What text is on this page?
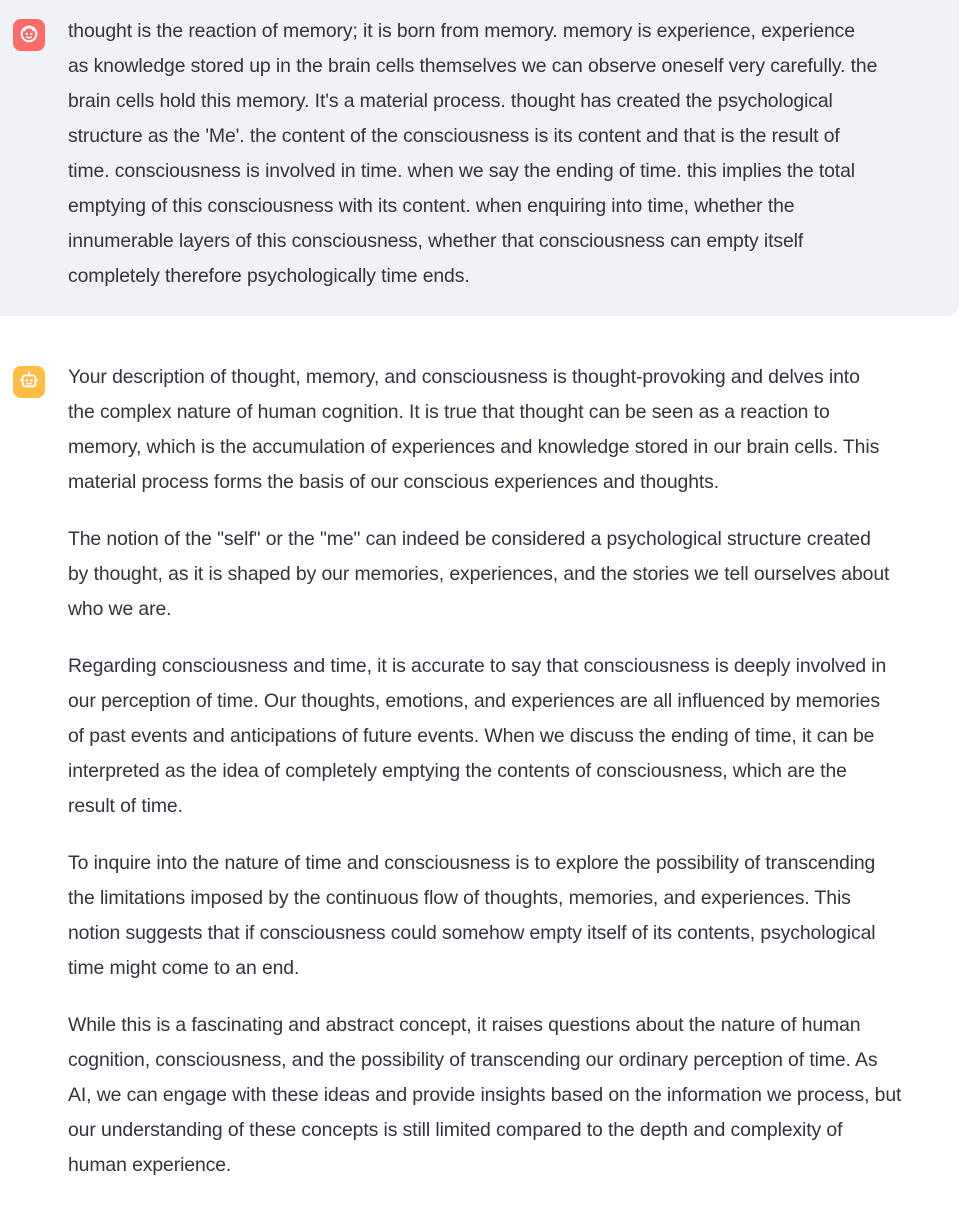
thought is the reaction of memory; it is born from memory. memory is experience, experience
as knowledge stored up in the brain cells themselves we can observe oneself very carefully. the
brain cells hold this memory. It's a material process. thought has created the psychological
structure as the 'Me'. the content of the consciousness is its content and that is the result of
time. consciousness is involved in time. when we say the ending of time. this implies the total
emptying of this consciousness with its content. when enquiring into time, whether the
innumerable layers of this consciousness, whether that consciousness can empty itself
completely therefore psychologically time ends.

Your description of thought, memory, and consciousness is thought-provoking and delves into
the complex nature of human cognition. It is true that thought can be seen as a reaction to
memory, which is the accumulation of experiences and knowledge stored in our brain cells. This
material process forms the basis of our conscious experiences and thoughts.

The notion of the "self" or the "me" can indeed be considered a psychological structure created
by thought, as it is shaped by our memories, experiences, and the stories we tell ourselves about
who we are.

Regarding consciousness and time, it is accurate to say that consciousness is deeply involved in
our perception of time. Our thoughts, emotions, and experiences are all influenced by memories
of past events and anticipations of future events. When we discuss the ending of time, it can be
interpreted as the idea of completely emptying the contents of consciousness, which are the
result of time.

To inquire into the nature of time and consciousness is to explore the possibility of transcending
the limitations imposed by the continuous flow of thoughts, memories, and experiences. This
notion suggests that if consciousness could somehow empty itself of its contents, psychological
time might come to an end.

While this is a fascinating and abstract concept, it raises questions about the nature of human
cognition, consciousness, and the possibility of transcending our ordinary perception of time. As
AI, we can engage with these ideas and provide insights based on the information we process, but
our understanding of these concepts is still limited compared to the depth and complexity of
human experience.
